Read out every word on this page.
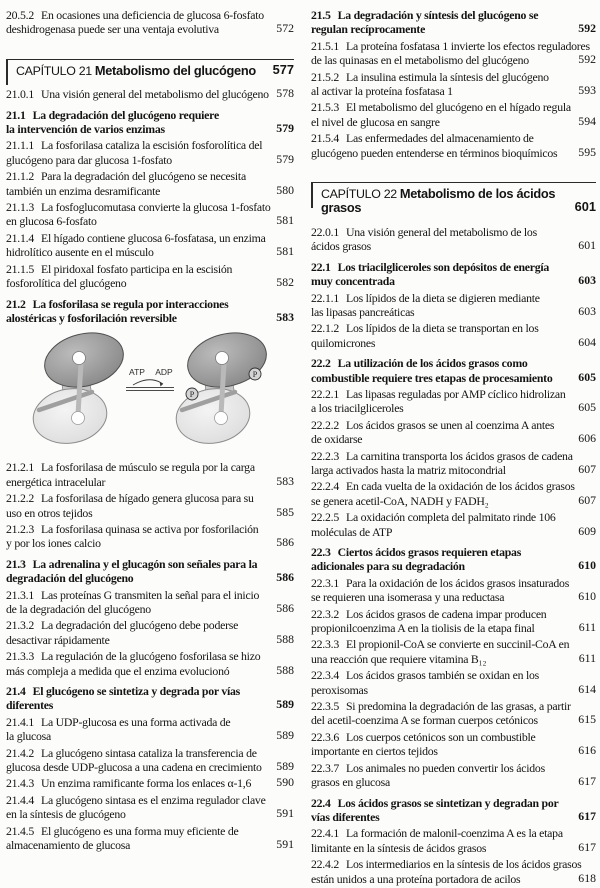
20.5.2 En ocasiones una deficiencia de glucosa 6-fosfato
deshidrogenasa puede ser una ventaja evolutiva	572
CAPÍTULO 21 Metabolismo del glucógeno 577
21.0.1 Una visión general del metabolismo del glucógeno 578
21.1 La degradación del glucógeno requiere
la intervención de varios enzimas	579
21.1.1 La fosforilasa cataliza la escisión fosforolítica del
glucógeno para dar glucosa 1-fosfato	579
21.1.2 Para la degradación del glucógeno se necesita
también un enzima desramificante	580
21.1.3 La fosfoglucomutasa convierte la glucosa 1-fosfato
en glucosa 6-fosfato	581
21.1.4 El hígado contiene glucosa 6-fosfatasa, un enzima
hidrolítico ausente en el músculo	581
21.1.5 El piridoxal fosfato participa en la escisión
fosforolítica del glucógeno	582
21.2 La fosforilasa se regula por interacciones
alostéricas y fosforilación reversible	583
ATP ADP	P
P
21.2.1 La fosforilasa de músculo se regula por la carga
energética intracelular	583
21.2.2 La fosforilasa de hígado genera glucosa para su
uso en otros tejidos	585
21.2.3 La fosforilasa quinasa se activa por fosforilación
y por los iones calcio	586
21.3 La adrenalina y el glucagón son señales para la
degradación del glucógeno	586
21.3.1 Las proteínas G transmiten la señal para el inicio
de la degradación del glucógeno	586
21.3.2 La degradación del glucógeno debe poderse
desactivar rápidamente	588
21.3.3 La regulación de la glucógeno fosforilasa se hizo
más compleja a medida que el enzima evolucionó	588
21.4 El glucógeno se sintetiza y degrada por vías
diferentes	589
21.4.1 La UDP-glucosa es una forma activada de
la glucosa	589
21.4.2 La glucógeno sintasa cataliza la transferencia de
glucosa desde UDP-glucosa a una cadena en crecimiento 589
21.4.3 Un enzima ramificante forma los enlaces α-1,6 590
21.4.4 La glucógeno sintasa es el enzima regulador clave
en la síntesis de glucógeno	591
21.4.5 El glucógeno es una forma muy eficiente de
almacenamiento de glucosa	591
21.5 La degradación y síntesis del glucógeno se
regulan recíprocamente	592
21.5.1 La proteína fosfatasa 1 invierte los efectos reguladores
de las quinasas en el metabolismo del glucógeno	592
21.5.2 La insulina estimula la síntesis del glucógeno
al activar la proteína fosfatasa 1	593
21.5.3 El metabolismo del glucógeno en el hígado regula
el nivel de glucosa en sangre	594
21.5.4 Las enfermedades del almacenamiento de
glucógeno pueden entenderse en términos bioquímicos 595
CAPÍTULO 22 Metabolismo de los ácidos grasos	601
22.0.1 Una visión general del metabolismo de los
ácidos grasos	601
22.1 Los triacilgliceroles son depósitos de energía
muy concentrada	603
22.1.1 Los lípidos de la dieta se digieren mediante
las lipasas pancreáticas	603
22.1.2 Los lípidos de la dieta se transportan en los
quilomicrones	604
22.2 La utilización de los ácidos grasos como
combustible requiere tres etapas de procesamiento 605
22.2.1 Las lipasas reguladas por AMP cíclico hidrolizan
a los triacilgliceroles	605
22.2.2 Los ácidos grasos se unen al coenzima A antes
de oxidarse	606
22.2.3 La carnitina transporta los ácidos grasos de cadena
larga activados hasta la matriz mitocondrial	607
22.2.4 En cada vuelta de la oxidación de los ácidos grasos
se genera acetil-CoA, NADH y FADH₂	607
22.2.5 La oxidación completa del palmitato rinde 106
moléculas de ATP	609
22.3 Ciertos ácidos grasos requieren etapas
adicionales para su degradación	610
22.3.1 Para la oxidación de los ácidos grasos insaturados
se requieren una isomerasa y una reductasa	610
22.3.2 Los ácidos grasos de cadena impar producen
propionilcoenzima A en la tiolisis de la etapa final	611
22.3.3 El propionil-CoA se convierte en succinil-CoA en
una reacción que requiere vitamina B₁₂	611
22.3.4 Los ácidos grasos también se oxidan en los
peroxisomas	614
22.3.5 Si predomina la degradación de las grasas, a partir
del acetil-coenzima A se forman cuerpos cetónicos	615
22.3.6 Los cuerpos cetónicos son un combustible
importante en ciertos tejidos	616
22.3.7 Los animales no pueden convertir los ácidos
grasos en glucosa	617
22.4 Los ácidos grasos se sintetizan y degradan por
vías diferentes	617
22.4.1 La formación de malonil-coenzima A es la etapa
limitante en la síntesis de ácidos grasos	617
22.4.2 Los intermediarios en la síntesis de los ácidos grasos
están unidos a una proteína portadora de acilos	618
